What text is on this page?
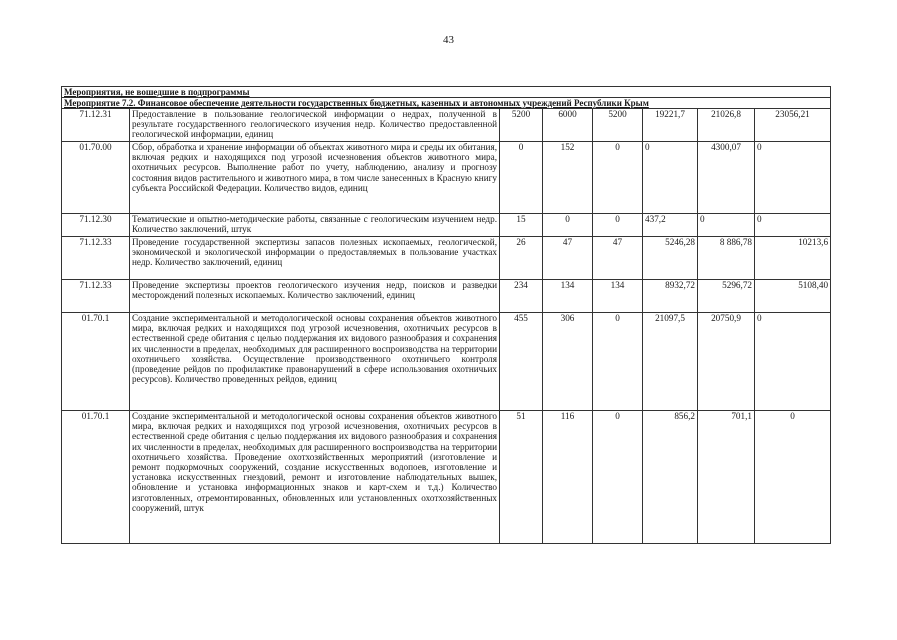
43
Мероприятия, не вошедшие в подпрограммы							
Мероприятие 7.2. Финансовое обеспечение деятельности государственных бюджетных, казенных и автономных учреждений Республики Крым							
71.12.31	Предоставление в пользование геологической информации о недрах, полученной в результате государственного геологического изучения недр. Количество предоставленной геологической информации, единиц	5200	6000	5200	19221,7	21026,8	23056,21
01.70.00	Сбор, обработка и хранение информации об объектах животного мира и среды их обитания, включая редких и находящихся под угрозой исчезновения объектов животного мира, охотничьих ресурсов. Выполнение работ по учету, наблюдению, анализу и прогнозу состояния видов растительного и животного мира, в том числе занесенных в Красную книгу субъекта Российской Федерации. Количество видов, единиц	0	152	0	0	4300,07	0
71.12.30	Тематические и опытно-методические работы, связанные с геологическим изучением недр. Количество заключений, штук	15	0	0	437,2	0	0
71.12.33	Проведение государственной экспертизы запасов полезных ископаемых, геологической, экономической и экологической информации о предоставляемых в пользование участках недр. Количество заключений, единиц	26	47	47	5246,28	8 886,78	10213,6
71.12.33	Проведение экспертизы проектов геологического изучения недр, поисков и разведки месторождений полезных ископаемых. Количество заключений, единиц	234	134	134	8932,72	5296,72	5108,40
01.70.1	Создание экспериментальной и методологической основы сохранения объектов животного мира, включая редких и находящихся под угрозой исчезновения, охотничьих ресурсов в естественной среде обитания с целью поддержания их видового разнообразия и сохранения их численности в пределах, необходимых для расширенного воспроизводства на территории охотничьего хозяйства. Осуществление производственного охотничьего контроля (проведение рейдов по профилактике правонарушений в сфере использования охотничьих ресурсов). Количество проведенных рейдов, единиц	455	306	0	21097,5	20750,9	0
01.70.1	Создание экспериментальной и методологической основы сохранения объектов животного мира, включая редких и находящихся под угрозой исчезновения, охотничьих ресурсов в естественной среде обитания с целью поддержания их видового разнообразия и сохранения их численности в пределах, необходимых для расширенного воспроизводства на территории охотничьего хозяйства. Проведение охотхозяйственных мероприятий (изготовление и ремонт подкормочных сооружений, создание искусственных водопоев, изготовление и установка искусственных гнездовий, ремонт и изготовление наблюдательных вышек, обновление и установка информационных знаков и карт-схем и т.д.) Количество изготовленных, отремонтированных, обновленных или установленных охотхозяйственных сооружений, штук	51	116	0	856,2	701,1	0
